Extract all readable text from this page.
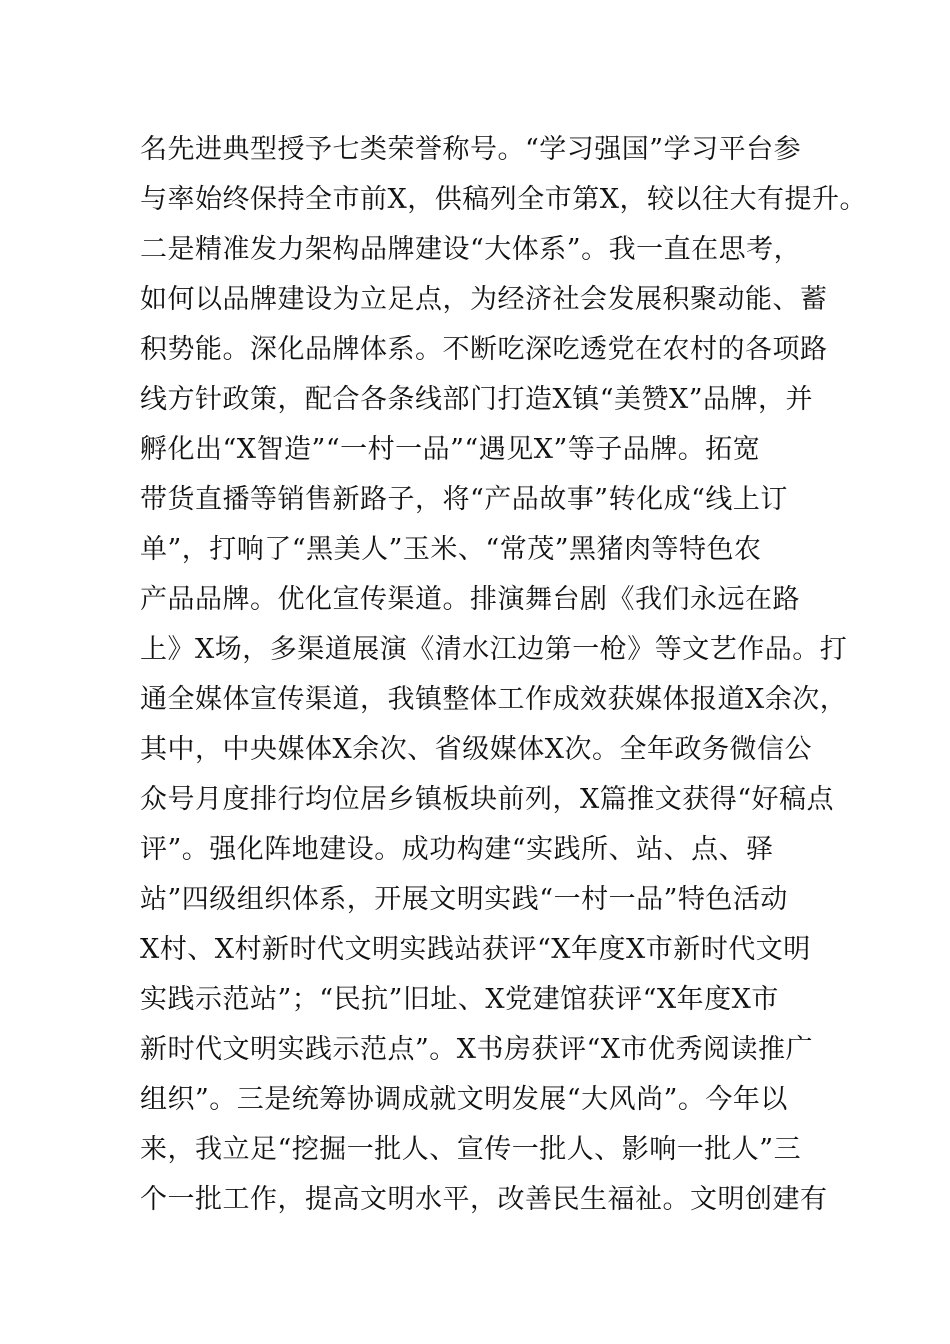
名先进典型授予七类荣誉称号。“学习强国”学习平台参
与率始终保持全市前X，供稿列全市第X，较以往大有提升。
二是精准发力架构品牌建设“大体系”。我一直在思考，
如何以品牌建设为立足点，为经济社会发展积聚动能、蓄
积势能。深化品牌体系。不断吃深吃透党在农村的各项路
线方针政策，配合各条线部门打造X镇“美赞X”品牌，并
孵化出“X智造”“一村一品”“遇见X”等子品牌。拓宽
带货直播等销售新路子，将“产品故事”转化成“线上订
单”，打响了“黑美人”玉米、“常茂”黑猪肉等特色农
产品品牌。优化宣传渠道。排演舞台剧《我们永远在路
上》X场，多渠道展演《清水江边第一枪》等文艺作品。打
通全媒体宣传渠道，我镇整体工作成效获媒体报道X余次，
其中，中央媒体X余次、省级媒体X次。全年政务微信公
众号月度排行均位居乡镇板块前列，X篇推文获得“好稿点
评”。强化阵地建设。成功构建“实践所、站、点、驿
站”四级组织体系，开展文明实践“一村一品”特色活动
X村、X村新时代文明实践站获评“X年度X市新时代文明
实践示范站”；“民抗”旧址、X党建馆获评“X年度X市
新时代文明实践示范点”。X书房获评“X市优秀阅读推广
组织”。三是统筹协调成就文明发展“大风尚”。今年以
来，我立足“挖掘一批人、宣传一批人、影响一批人”三
个一批工作，提高文明水平，改善民生福祉。文明创建有
